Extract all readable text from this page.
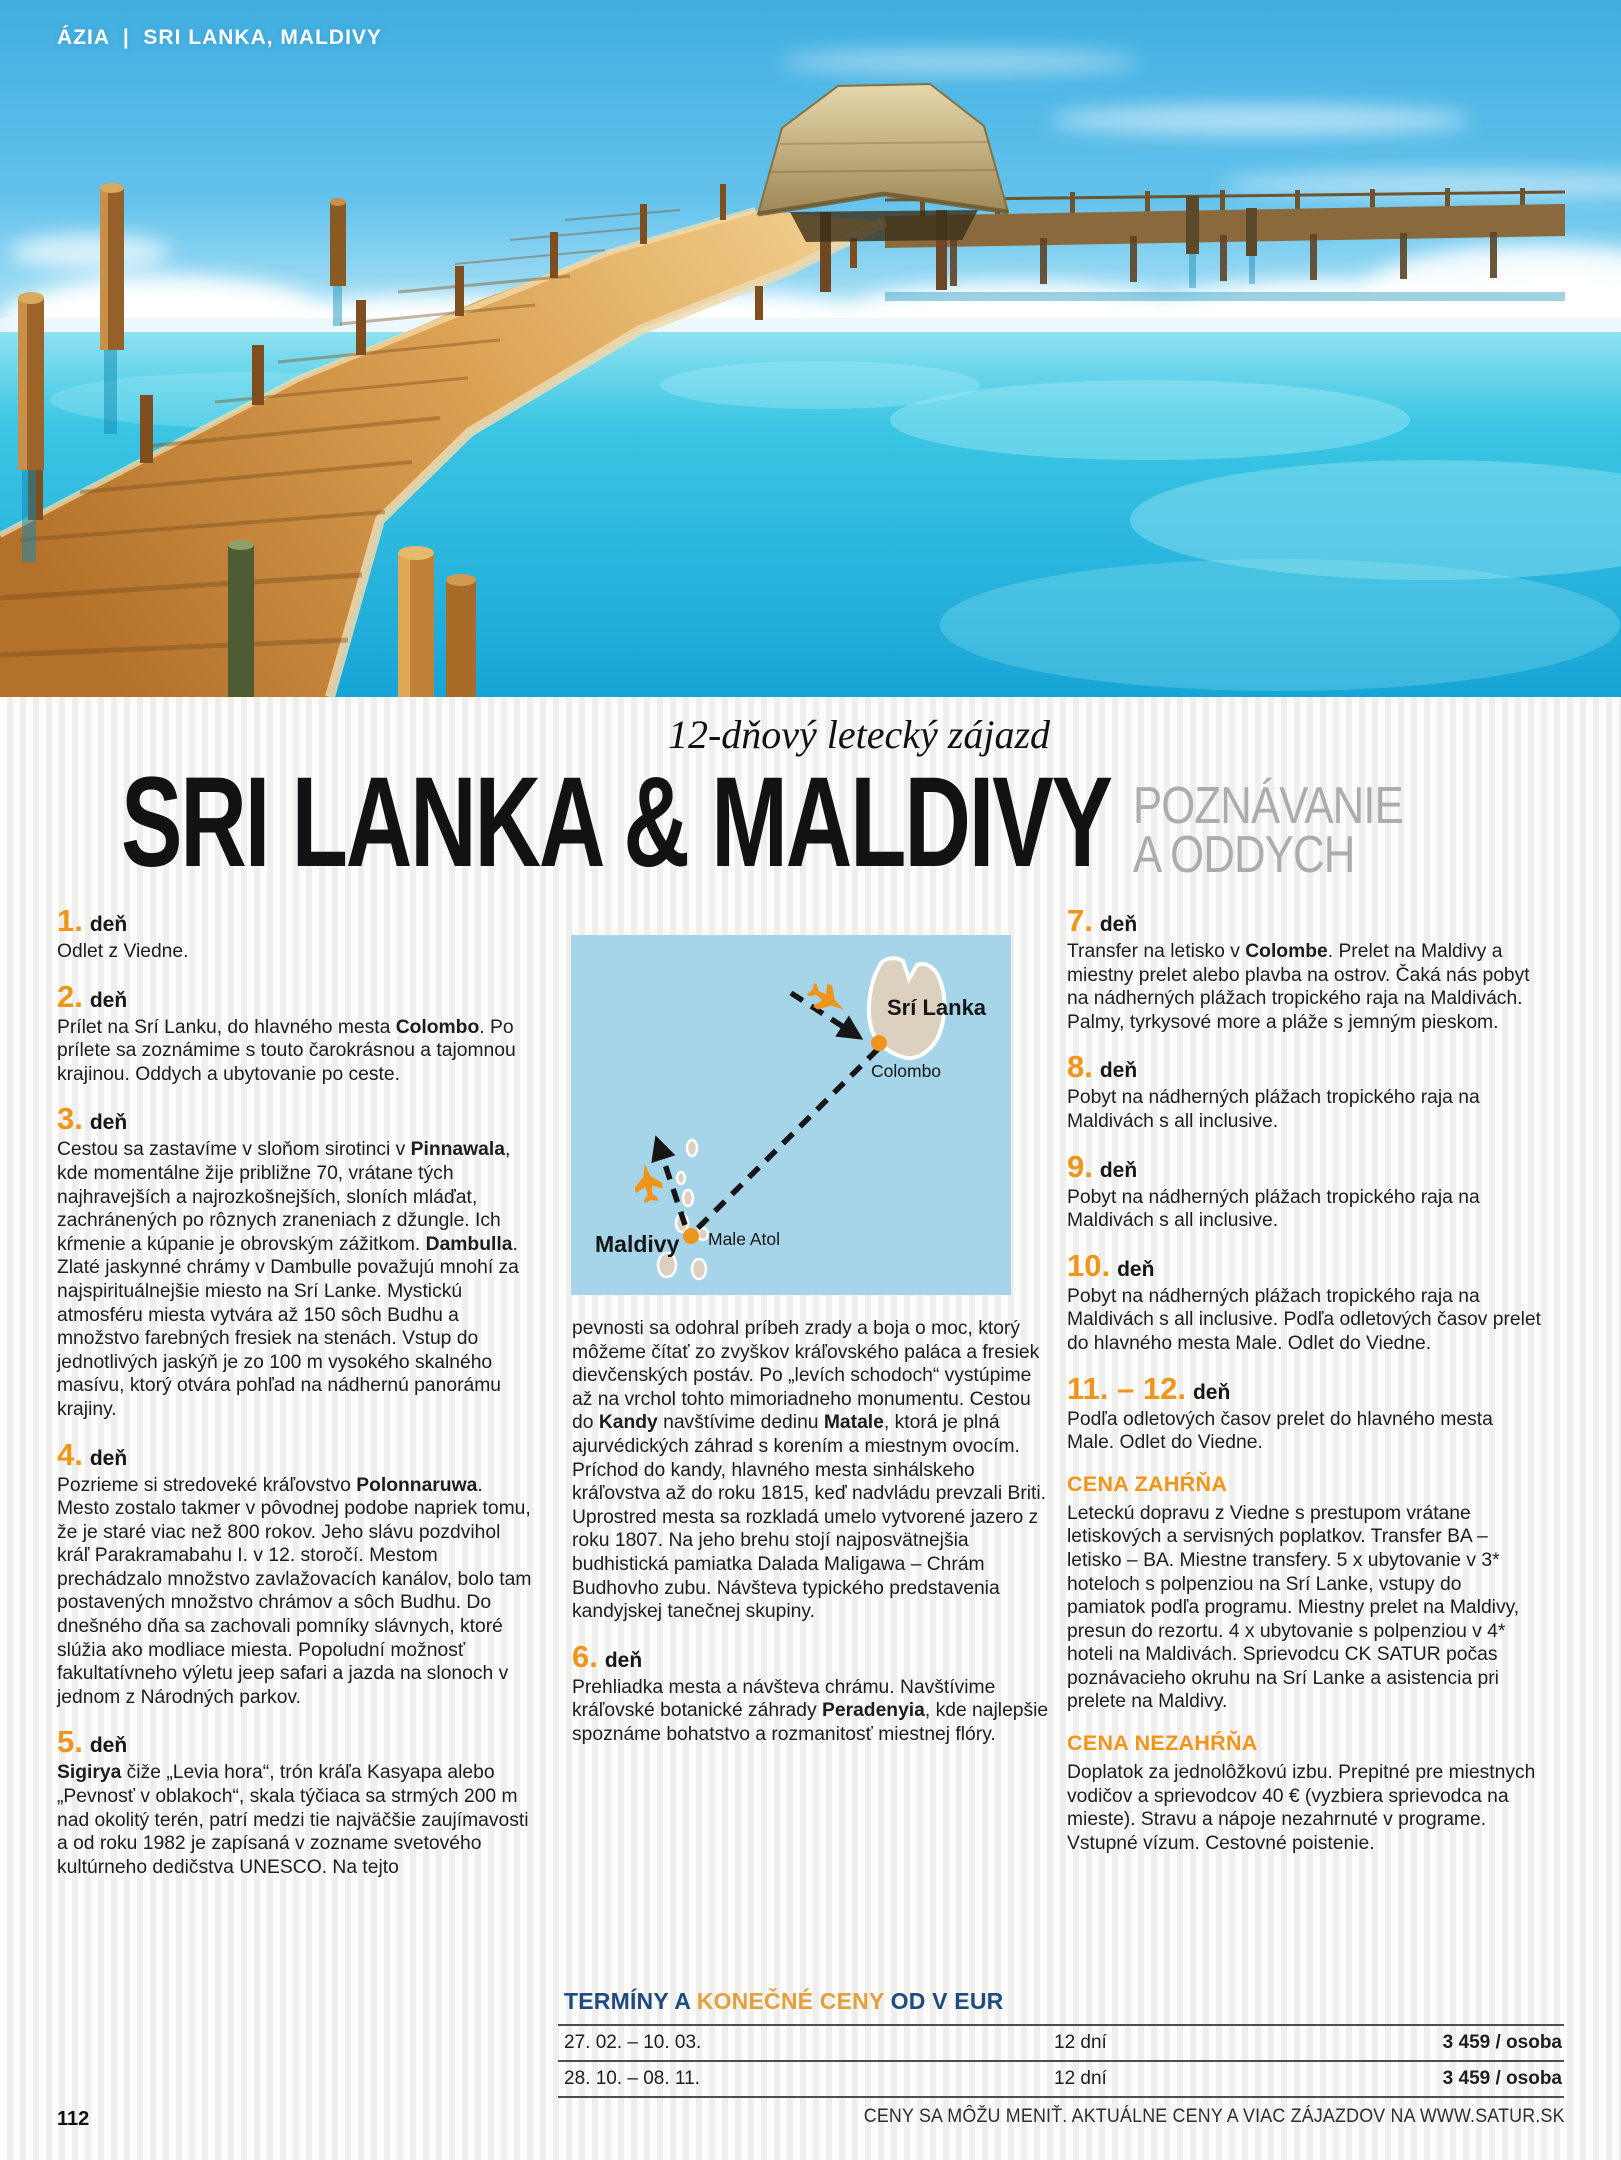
ÁZIA  |  SRI LANKA, MALDIVY
12-dňový letecký zájazd
SRI LANKA & MALDIVY POZNÁVANIE
A ODDYCH
1. deň

Odlet z Viedne.

2. deň

Prílet na Srí Lanku, do hlavného mesta Colombo. Po prílete sa zoznámime s touto čarokrásnou a tajomnou krajinou. Oddych a ubytovanie po ceste.

3. deň

Cestou sa zastavíme v sloňom sirotinci v Pinnawala, kde momentálne žije približne 70, vrátane tých najhravejších a najrozkošnejších, sloních mláďat, zachránených po rôznych zraneniach z džungle. Ich kŕmenie a kúpanie je obrovským zážitkom. Dambulla. Zlaté jaskynné chrámy v Dambulle považujú mnohí za najspirituálnejšie miesto na Srí Lanke. Mystickú atmosféru miesta vytvára až 150 sôch Budhu a množstvo farebných fresiek na stenách. Vstup do jednotlivých jaskýň je zo 100 m vysokého skalného masívu, ktorý otvára pohľad na nádhernú panorámu krajiny.

4. deň

Pozrieme si stredoveké kráľovstvo Polonnaruwa. Mesto zostalo takmer v pôvodnej podobe napriek tomu, že je staré viac než 800 rokov. Jeho slávu pozdvihol kráľ Parakramabahu I. v 12. storočí. Mestom prechádzalo množstvo zavlažovacích kanálov, bolo tam postavených množstvo chrámov a sôch Budhu. Do dnešného dňa sa zachovali pomníky slávnych, ktoré slúžia ako modliace miesta. Popoludní možnosť fakultatívneho výletu jeep safari a jazda na slonoch v jednom z Národných parkov.

5. deň

Sigirya čiže „Levia hora“, trón kráľa Kasyapa alebo „Pevnosť v oblakoch“, skala týčiaca sa strmých 200 m nad okolitý terén, patrí medzi tie najväčšie zaujímavosti a od roku 1982 je zapísaná v zozname svetového kultúrneho dedičstva UNESCO. Na tejto

Srí Lanka
Colombo
Maldivy Male Atol

pevnosti sa odohral príbeh zrady a boja o moc, ktorý môžeme čítať zo zvyškov kráľovského paláca a fresiek dievčenských postáv. Po „levích schodoch“ vystúpime až na vrchol tohto mimoriadneho monumentu. Cestou do Kandy navštívime dedinu Matale, ktorá je plná ajurvédických záhrad s korením a miestnym ovocím. Príchod do kandy, hlavného mesta sinhálskeho kráľovstva až do roku 1815, keď nadvládu prevzali Briti. Uprostred mesta sa rozkladá umelo vytvorené jazero z roku 1807. Na jeho brehu stojí najposvätnejšia budhistická pamiatka Dalada Maligawa – Chrám Budhovho zubu. Návšteva typického predstavenia kandyjskej tanečnej skupiny.

6. deň

Prehliadka mesta a návšteva chrámu. Navštívime kráľovské botanické záhrady Peradenyia, kde najlepšie spoznáme bohatstvo a rozmanitosť miestnej flóry.

7. deň

Transfer na letisko v Colombe. Prelet na Maldivy a miestny prelet alebo plavba na ostrov. Čaká nás pobyt na nádherných plážach tropického raja na Maldivách. Palmy, tyrkysové more a pláže s jemným pieskom.

8. deň

Pobyt na nádherných plážach tropického raja na Maldivách s all inclusive.

9. deň

Pobyt na nádherných plážach tropického raja na Maldivách s all inclusive.

10. deň

Pobyt na nádherných plážach tropického raja na Maldivách s all inclusive. Podľa odletových časov prelet do hlavného mesta Male. Odlet do Viedne.

11. – 12. deň

Podľa odletových časov prelet do hlavného mesta Male. Odlet do Viedne.

CENA ZAHŔŇA

Leteckú dopravu z Viedne s prestupom vrátane letiskových a servisných poplatkov. Transfer BA – letisko – BA. Miestne transfery. 5 x ubytovanie v 3* hoteloch s polpenziou na Srí Lanke, vstupy do pamiatok podľa programu. Miestny prelet na Maldivy, presun do rezortu. 4 x ubytovanie s polpenziou v 4* hoteli na Maldivách. Sprievodcu CK SATUR počas poznávacieho okruhu na Srí Lanke a asistencia pri prelete na Maldivy.

CENA NEZAHŔŇA

Doplatok za jednolôžkovú izbu. Prepitné pre miestnych vodičov a sprievodcov 40 € (vyzbiera sprievodca na mieste). Stravu a nápoje nezahrnuté v programe. Vstupné vízum. Cestovné poistenie.

TERMÍNY A KONEČNÉ CENY OD V EUR
27. 02. – 10. 03.	12 dní	3 459 / osoba
28. 10. – 08. 11.	12 dní	3 459 / osoba
112	CENY SA MÔŽU MENIŤ. AKTUÁLNE CENY A VIAC ZÁJAZDOV NA WWW.SATUR.SK
